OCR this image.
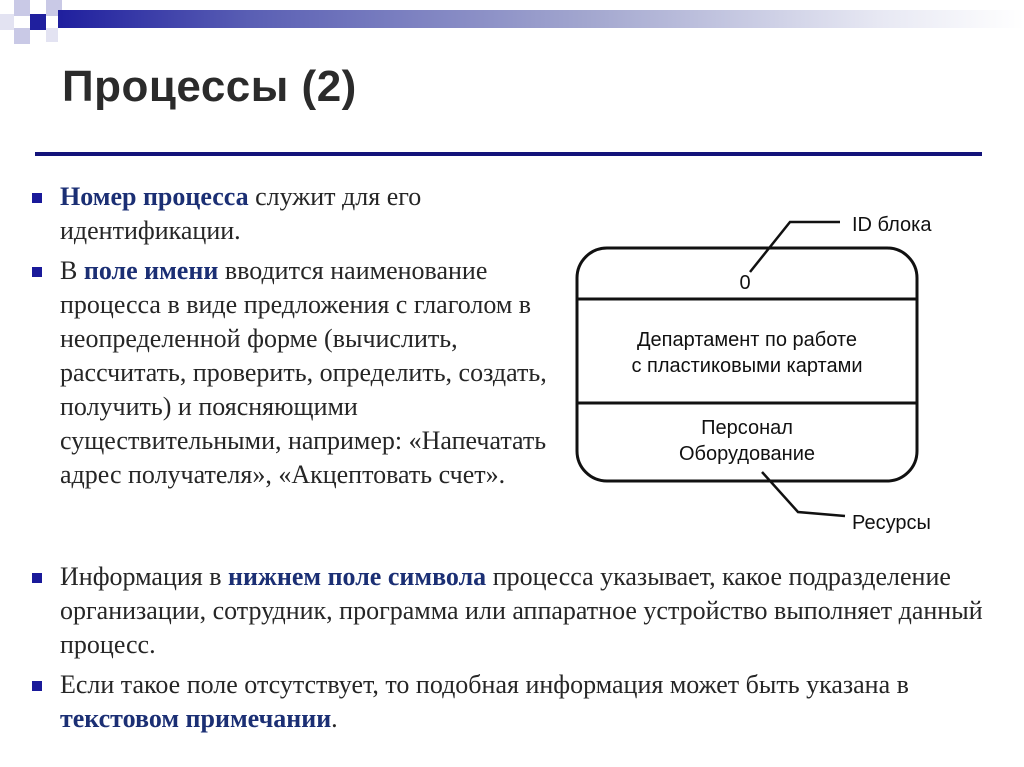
Процессы (2)
Номер процесса служит для его идентификации.
В поле имени вводится наименование процесса в виде предложения с глаголом в неопределенной форме (вычислить, рассчитать, проверить, определить, создать, получить) и поясняющими существительными, например: «Напечатать адрес получателя», «Акцептовать счет».
0
ID блока
Департамент по работе
с пластиковыми картами
Персонал
Оборудование
Ресурсы
Информация в нижнем поле символа процесса указывает, какое подразделение организации, сотрудник, программа или аппаратное устройство выполняет данный процесс.
Если такое поле отсутствует, то подобная информация может быть указана в текстовом примечании.
